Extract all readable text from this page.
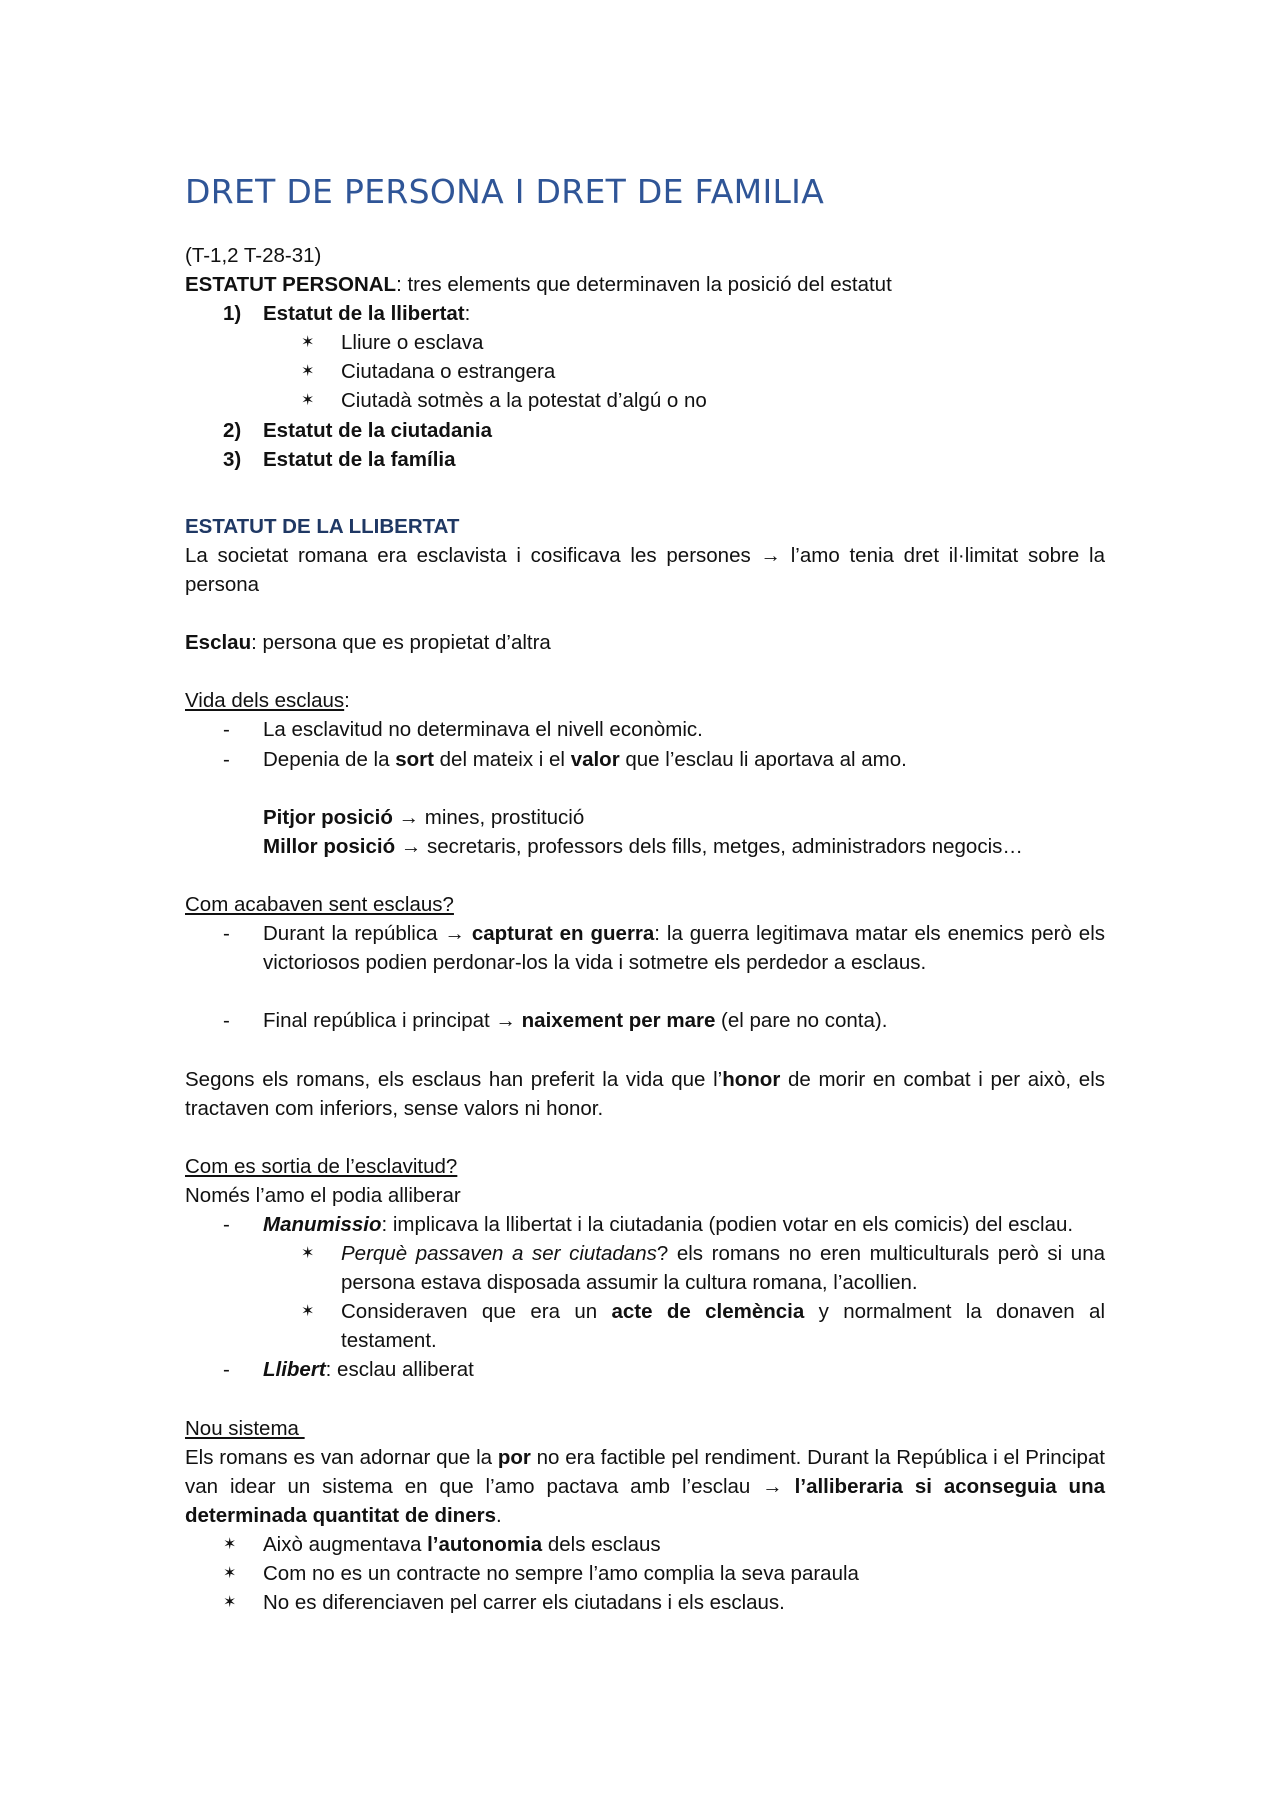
DRET DE PERSONA I DRET DE FAMILIA

(T-1,2 T-28-31)

ESTATUT PERSONAL: tres elements que determinaven la posició del estatut

1) Estatut de la llibertat:
✶ Lliure o esclava
✶ Ciutadana o estrangera
✶ Ciutadà sotmès a la potestat d’algú o no
2) Estatut de la ciutadania
3) Estatut de la família

ESTATUT DE LA LLIBERTAT

La societat romana era esclavista i cosificava les persones → l’amo tenia dret il·limitat sobre la persona

Esclau: persona que es propietat d’altra

Vida dels esclaus:

- La esclavitud no determinava el nivell econòmic.
- Depenia de la sort del mateix i el valor que l’esclau li aportava al amo.

Pitjor posició → mines, prostitució

Millor posició → secretaris, professors dels fills, metges, administradors negocis…

Com acabaven sent esclaus?

- Durant la república → capturat en guerra: la guerra legitimava matar els enemics però els victoriosos podien perdonar-los la vida i sotmetre els perdedor a esclaus.
- Final república i principat → naixement per mare (el pare no conta).

Segons els romans, els esclaus han preferit la vida que l’honor de morir en combat i per això, els tractaven com inferiors, sense valors ni honor.

Com es sortia de l’esclavitud?

Només l’amo el podia alliberar

- Manumissio: implicava la llibertat i la ciutadania (podien votar en els comicis) del esclau.
✶ Perquè passaven a ser ciutadans? els romans no eren multiculturals però si una persona estava disposada assumir la cultura romana, l’acollien.
✶ Consideraven que era un acte de clemència y normalment la donaven al testament.
- Llibert: esclau alliberat

Nou sistema

Els romans es van adornar que la por no era factible pel rendiment. Durant la República i el Principat van idear un sistema en que l’amo pactava amb l’esclau → l’alliberaria si aconseguia una determinada quantitat de diners.

✶ Això augmentava l’autonomia dels esclaus
✶ Com no es un contracte no sempre l’amo complia la seva paraula
✶ No es diferenciaven pel carrer els ciutadans i els esclaus.
